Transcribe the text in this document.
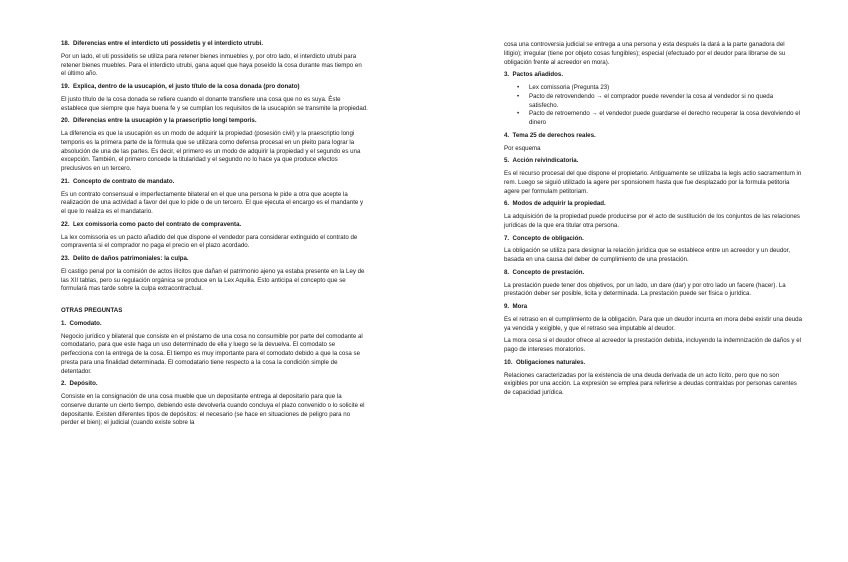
18. Diferencias entre el interdicto uti possidetis y el interdicto utrubi.

Por un lado, el uti possidetis se utiliza para retener bienes inmuebles y, por otro lado, el interdicto utrubi para retener bienes muebles. Para el interdicto utrubi, gana aquel que haya poseído la cosa durante mas tiempo en el último año.

19. Explica, dentro de la usucapión, el justo título de la cosa donada (pro donato)

El justo título de la cosa donada se refiere cuando el donante transfiere una cosa que no es suya. Éste establece que siempre que haya buena fe y se cumplan los requisitos de la usucapión se transmite la propiedad.

20. Diferencias entre la usucapión y la praescriptio longi temporis.

La diferencia es que la usucapión es un modo de adquirir la propiedad (posesión civil) y la praescriptio longi temporis es la primera parte de la fórmula que se utilizara como defensa procesal en un pleito para lograr la absolución de una de las partes. Es decir, el primero es un modo de adquirir la propiedad y el segundo es una excepción. También, el primero concede la titularidad y el segundo no lo hace ya que produce efectos preclusivos en un tercero.

21. Concepto de contrato de mandato.

Es un contrato consensual e imperfectamente bilateral en el que una persona le pide a otra que acepte la realización de una actividad a favor del que lo pide o de un tercero. El que ejecuta el encargo es el mandante y el que lo realiza es el mandatario.

22. Lex comissoria como pacto del contrato de compraventa.

La lex comissoria es un pacto añadido del que dispone el vendedor para considerar extinguido el contrato de compraventa si el comprador no paga el precio en el plazo acordado.

23. Delito de daños patrimoniales: la culpa.

El castigo penal por la comisión de actos ilícitos que dañan el patrimonio ajeno ya estaba presente en la Ley de las XII tablas, pero su regulación orgánica se produce en la Lex Aquilia. Esto anticipa el concepto que se formulará mas tarde sobre la culpa extracontractual.

OTRAS PREGUNTAS
1. Comodato.

Negocio jurídico y bilateral que consiste en el préstamo de una cosa no consumible por parte del comodante al comodatario, para que este haga un uso determinado de ella y luego se la devuelva. El comodato se perfecciona con la entrega de la cosa. El tiempo es muy importante para el comodato debido a que la cosa se presta para una finalidad determinada. El comodatario tiene respecto a la cosa la condición simple de detentador.

2. Depósito.

Consiste en la consignación de una cosa mueble que un depositante entrega al depositario para que la conserve durante un cierto tiempo, debiendo este devolverla cuando concluya el plazo convenido o lo solicite el depositante. Existen diferentes tipos de depósitos: el necesario (se hace en situaciones de peligro para no perder el bien); el judicial (cuando existe sobre la

cosa una controversia judicial se entrega a una persona y esta después la dará a la parte ganadora del litigio); irregular (tiene por objeto cosas fungibles); especial (efectuado por el deudor para librarse de su obligación frente al acreedor en mora).

3. Pactos añadidos.
• Lex comissoria (Pregunta 23)
• Pacto de retrovendendo → el comprador puede revender la cosa al vendedor si no queda satisfecho.
• Pacto de retroemendo → el vendedor puede guardarse el derecho recuperar la cosa devolviendo el dinero
4. Tema 25 de derechos reales.

Por esquema

5. Acción reivindicatoria.

Es el recurso procesal del que dispone el propietario. Antiguamente se utilizaba la legis actio sacramentum in rem. Luego se siguió utilizado la agere per sponsionem hasta que fue desplazado por la formula petitoria agere per formulam petitoriam.

6. Modos de adquirir la propiedad.

La adquisición de la propiedad puede producirse por el acto de sustitución de los conjuntos de las relaciones jurídicas de la que era titular otra persona.

7. Concepto de obligación.

La obligación se utiliza para designar la relación jurídica que se establece entre un acreedor y un deudor, basada en una causa del deber de cumplimiento de una prestación.

8. Concepto de prestación.

La prestación puede tener dos objetivos, por un lado, un dare (dar) y por otro lado un facere (hacer). La prestación deber ser posible, licita y determinada. La prestación puede ser física o jurídica.

9. Mora

Es el retraso en el cumplimiento de la obligación. Para que un deudor incurra en mora debe existir una deuda ya vencida y exigible, y que el retraso sea imputable al deudor.

La mora cesa si el deudor ofrece al acreedor la prestación debida, incluyendo la indemnización de daños y el pago de intereses moratorios.

10. Obligaciones naturales.

Relaciones caracterizadas por la existencia de una deuda derivada de un acto lícito, pero que no son exigibles por una acción. La expresión se emplea para referirse a deudas contraídas por personas carentes de capacidad jurídica.
